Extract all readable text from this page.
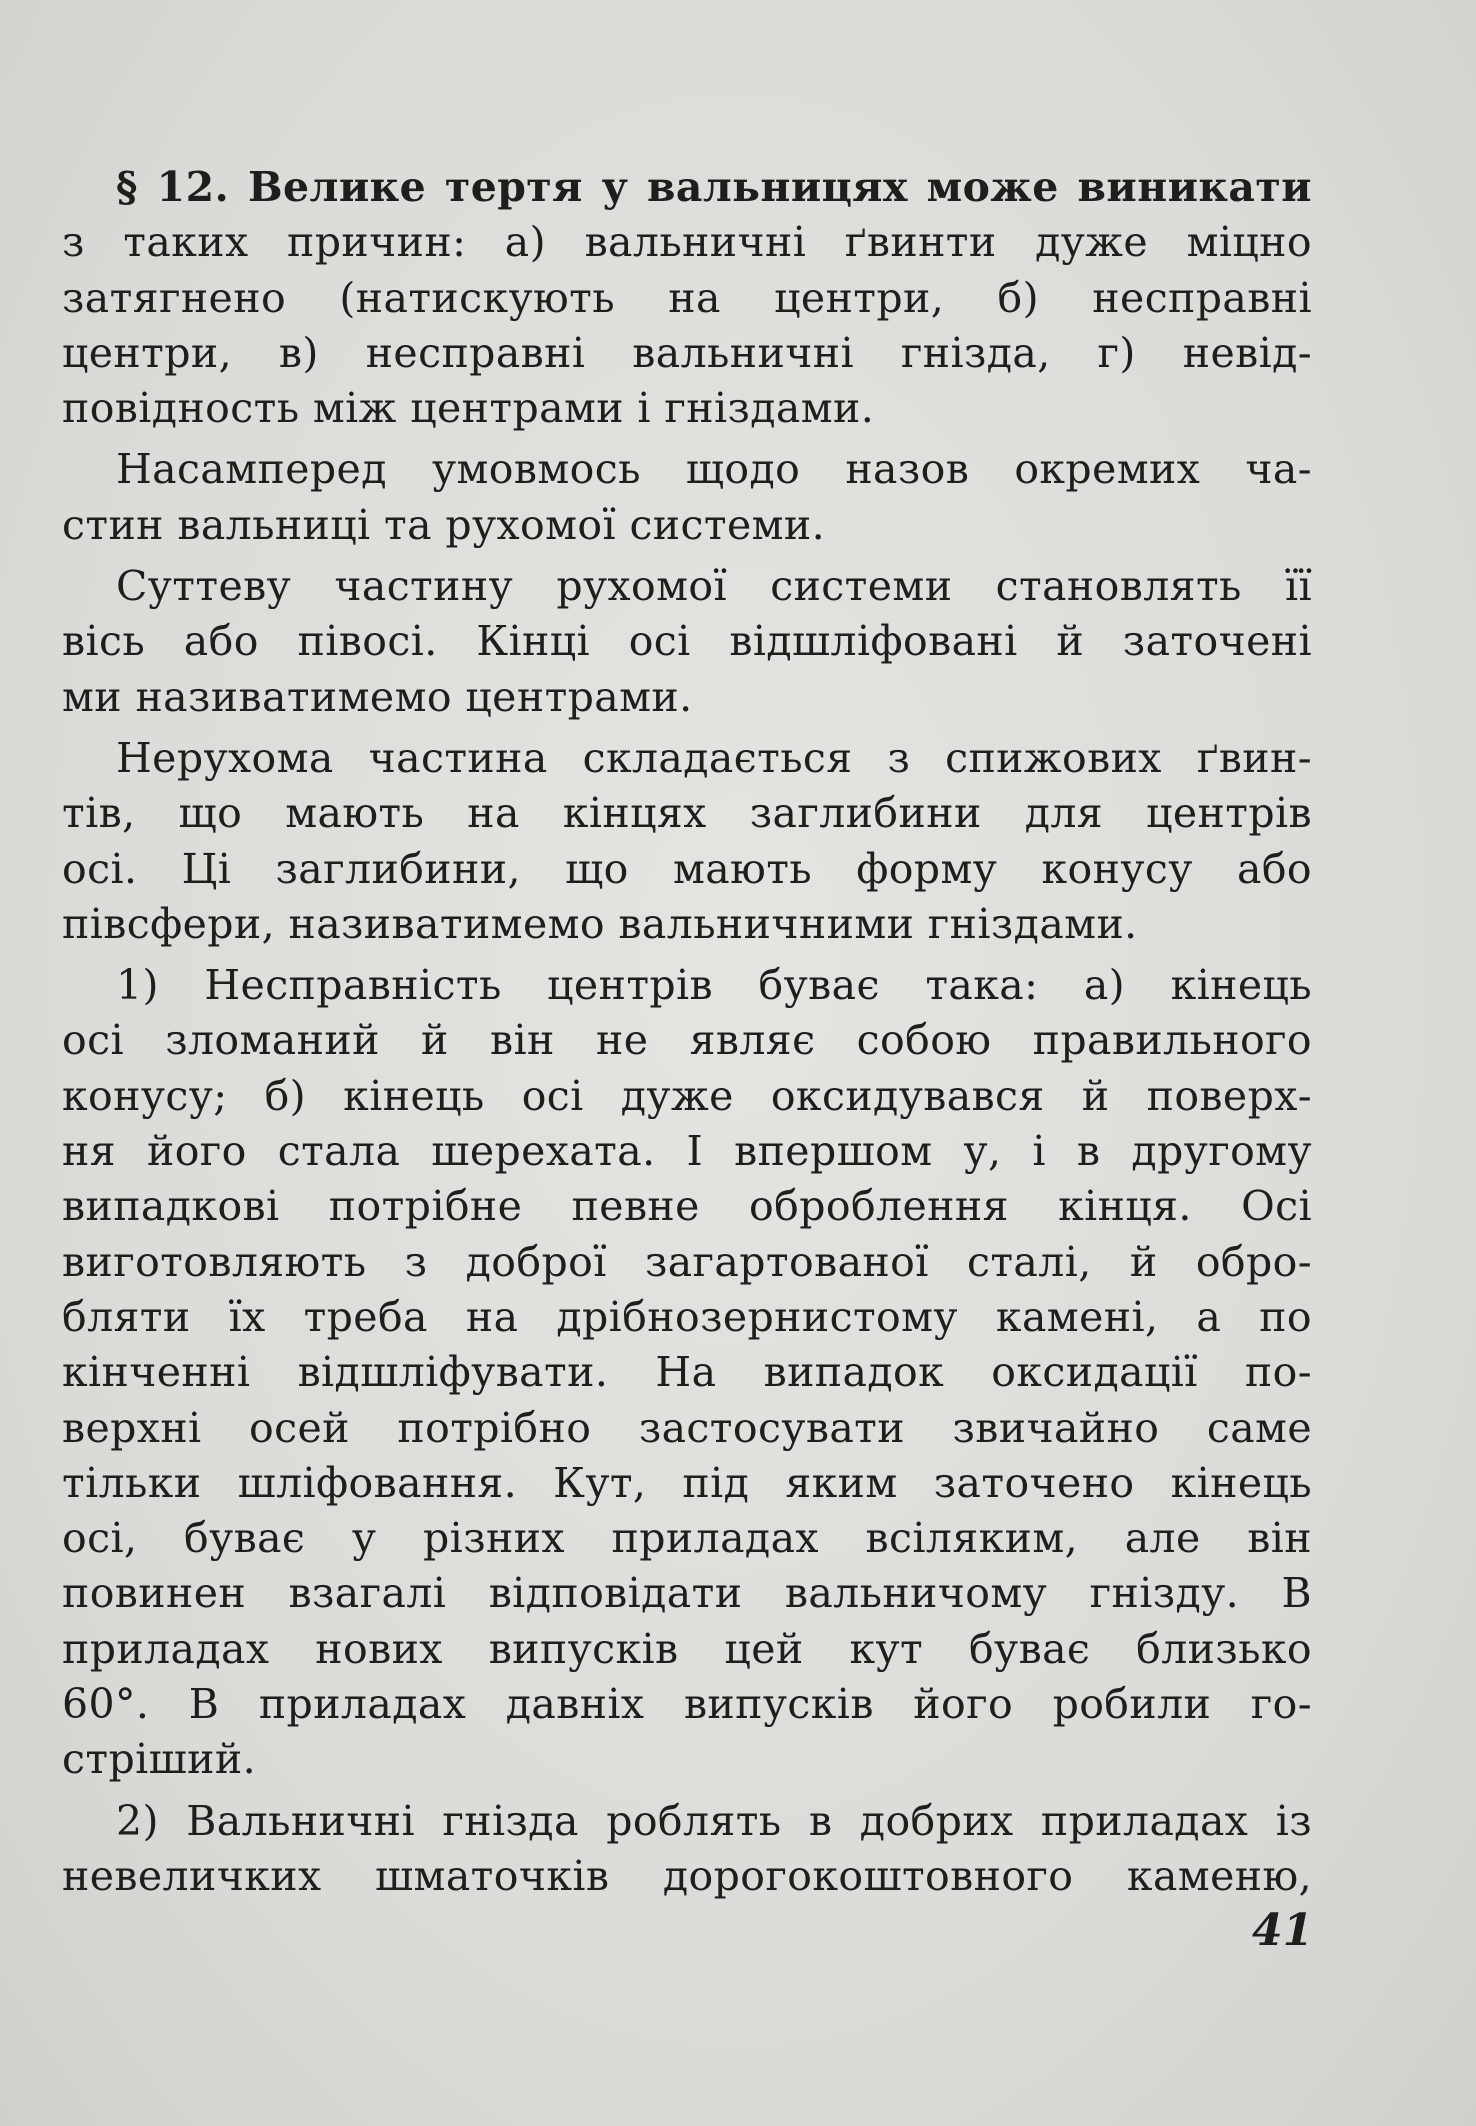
§ 12. Велике тертя у вальницях може виникати
з таких причин: а) вальничні ґвинти дуже міцно
затягнено (натискують на центри, б) несправні
центри, в) несправні вальничні гнізда, г) невід-
повідность між центрами і гніздами.
Насамперед умовмось щодо назов окремих ча-
стин вальниці та рухомої системи.
Суттеву частину рухомої системи становлять її
вісь або півосі. Кінці осі відшліфовані й заточені
ми називатимемо центрами.
Нерухома частина складається з спижових ґвин-
тів, що мають на кінцях заглибини для центрів
осі. Ці заглибини, що мають форму конусу або
півсфери, називатимемо вальничними гніздами.
1) Несправність центрів буває така: а) кінець
осі зломаний й він не являє собою правильного
конусу; б) кінець осі дуже оксидувався й поверх-
ня його стала шерехата. І впершом у, і в другому
випадкові потрібне певне оброблення кінця. Осі
виготовляють з доброї загартованої сталі, й обро-
бляти їх треба на дрібнозернистому камені, а по
кінченні відшліфувати. На випадок оксидації по-
верхні осей потрібно застосувати звичайно саме
тільки шліфовання. Кут, під яким заточено кінець
осі, буває у різних приладах всіляким, але він
повинен взагалі відповідати вальничому гнізду. В
приладах нових випусків цей кут буває близько
60°. В приладах давніх випусків його робили го-
стріший.
2) Вальничні гнізда роблять в добрих приладах із
невеличких шматочків дорогокоштовного каменю,
41
